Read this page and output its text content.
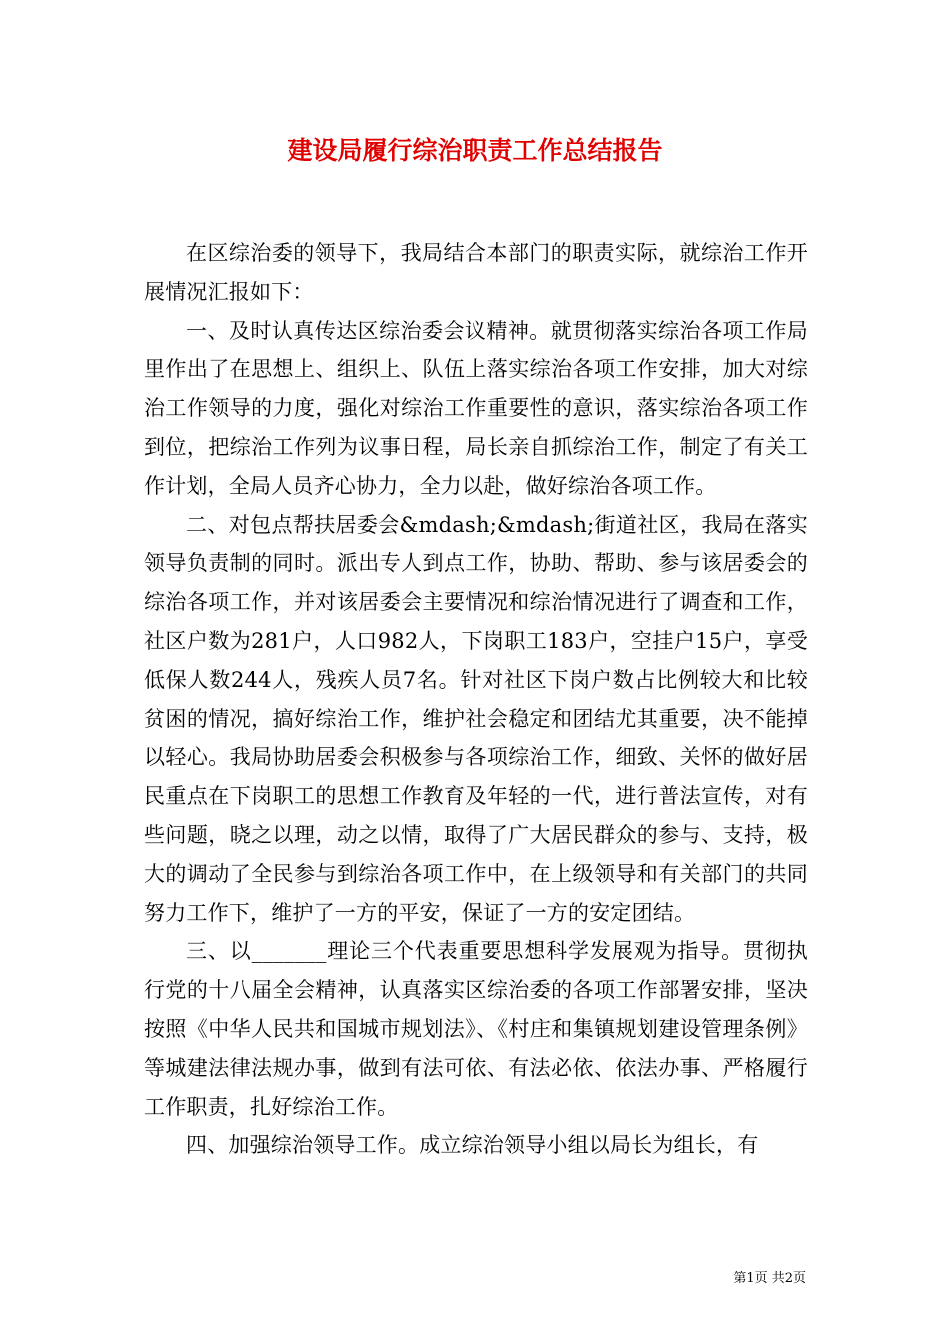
建设局履行综治职责工作总结报告

在区综治委的领导下，我局结合本部门的职责实际，就综治工作开展情况汇报如下：

一、及时认真传达区综治委会议精神。就贯彻落实综治各项工作局里作出了在思想上、组织上、队伍上落实综治各项工作安排，加大对综治工作领导的力度，强化对综治工作重要性的意识，落实综治各项工作到位，把综治工作列为议事日程，局长亲自抓综治工作，制定了有关工作计划，全局人员齐心协力，全力以赴，做好综治各项工作。

二、对包点帮扶居委会&mdash;&mdash;街道社区，我局在落实领导负责制的同时。派出专人到点工作，协助、帮助、参与该居委会的综治各项工作，并对该居委会主要情况和综治情况进行了调查和工作，社区户数为281户，人口982人，下岗职工183户，空挂户15户，享受低保人数244人，残疾人员7名。针对社区下岗户数占比例较大和比较贫困的情况，搞好综治工作，维护社会稳定和团结尤其重要，决不能掉以轻心。我局协助居委会积极参与各项综治工作，细致、关怀的做好居民重点在下岗职工的思想工作教育及年轻的一代，进行普法宣传，对有些问题，晓之以理，动之以情，取得了广大居民群众的参与、支持，极大的调动了全民参与到综治各项工作中，在上级领导和有关部门的共同努力工作下，维护了一方的平安，保证了一方的安定团结。

三、以_______理论三个代表重要思想科学发展观为指导。贯彻执行党的十八届全会精神，认真落实区综治委的各项工作部署安排，坚决按照《中华人民共和国城市规划法》、《村庄和集镇规划建设管理条例》等城建法律法规办事，做到有法可依、有法必依、依法办事、严格履行工作职责，扎好综治工作。

四、加强综治领导工作。成立综治领导小组以局长为组长，有

第1页 共2页
